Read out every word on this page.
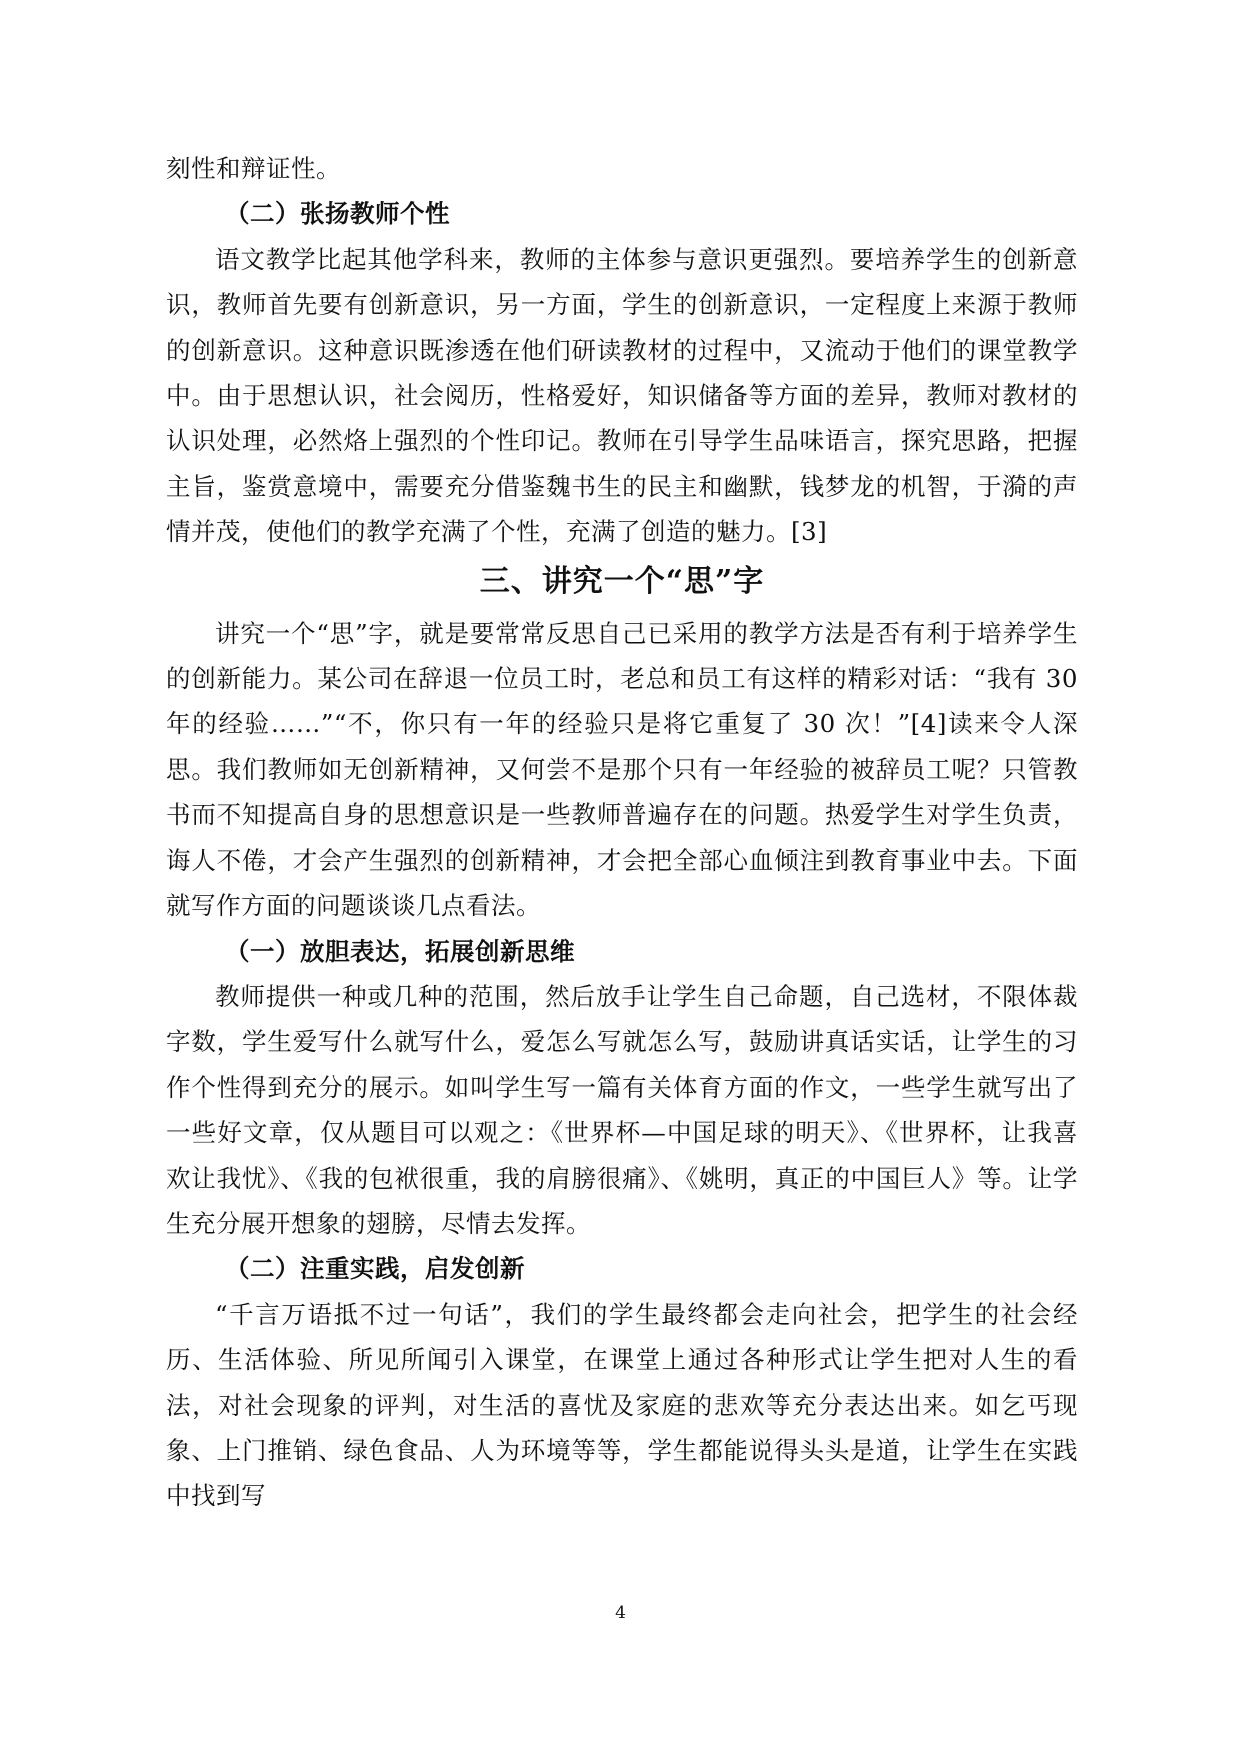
刻性和辩证性。

（二）张扬教师个性

语文教学比起其他学科来，教师的主体参与意识更强烈。要培养学生的创新意识，教师首先要有创新意识，另一方面，学生的创新意识，一定程度上来源于教师的创新意识。这种意识既渗透在他们研读教材的过程中，又流动于他们的课堂教学中。由于思想认识，社会阅历，性格爱好，知识储备等方面的差异，教师对教材的认识处理，必然烙上强烈的个性印记。教师在引导学生品味语言，探究思路，把握主旨，鉴赏意境中，需要充分借鉴魏书生的民主和幽默，钱梦龙的机智，于漪的声情并茂，使他们的教学充满了个性，充满了创造的魅力。[3]

三、讲究一个“思”字

讲究一个“思”字，就是要常常反思自己已采用的教学方法是否有利于培养学生的创新能力。某公司在辞退一位员工时，老总和员工有这样的精彩对话：“我有 30 年的经验……”“不，你只有一年的经验只是将它重复了 30 次！”[4]读来令人深思。我们教师如无创新精神，又何尝不是那个只有一年经验的被辞员工呢？只管教书而不知提高自身的思想意识是一些教师普遍存在的问题。热爱学生对学生负责，诲人不倦，才会产生强烈的创新精神，才会把全部心血倾注到教育事业中去。下面就写作方面的问题谈谈几点看法。

（一）放胆表达，拓展创新思维

教师提供一种或几种的范围，然后放手让学生自己命题，自己选材，不限体裁字数，学生爱写什么就写什么，爱怎么写就怎么写，鼓励讲真话实话，让学生的习作个性得到充分的展示。如叫学生写一篇有关体育方面的作文，一些学生就写出了一些好文章，仅从题目可以观之：《世界杯—中国足球的明天》、《世界杯，让我喜欢让我忧》、《我的包袱很重，我的肩膀很痛》、《姚明，真正的中国巨人》等。让学生充分展开想象的翅膀，尽情去发挥。

（二）注重实践，启发创新

“千言万语抵不过一句话”，我们的学生最终都会走向社会，把学生的社会经历、生活体验、所见所闻引入课堂，在课堂上通过各种形式让学生把对人生的看法，对社会现象的评判，对生活的喜忧及家庭的悲欢等充分表达出来。如乞丐现象、上门推销、绿色食品、人为环境等等，学生都能说得头头是道，让学生在实践中找到写

4
